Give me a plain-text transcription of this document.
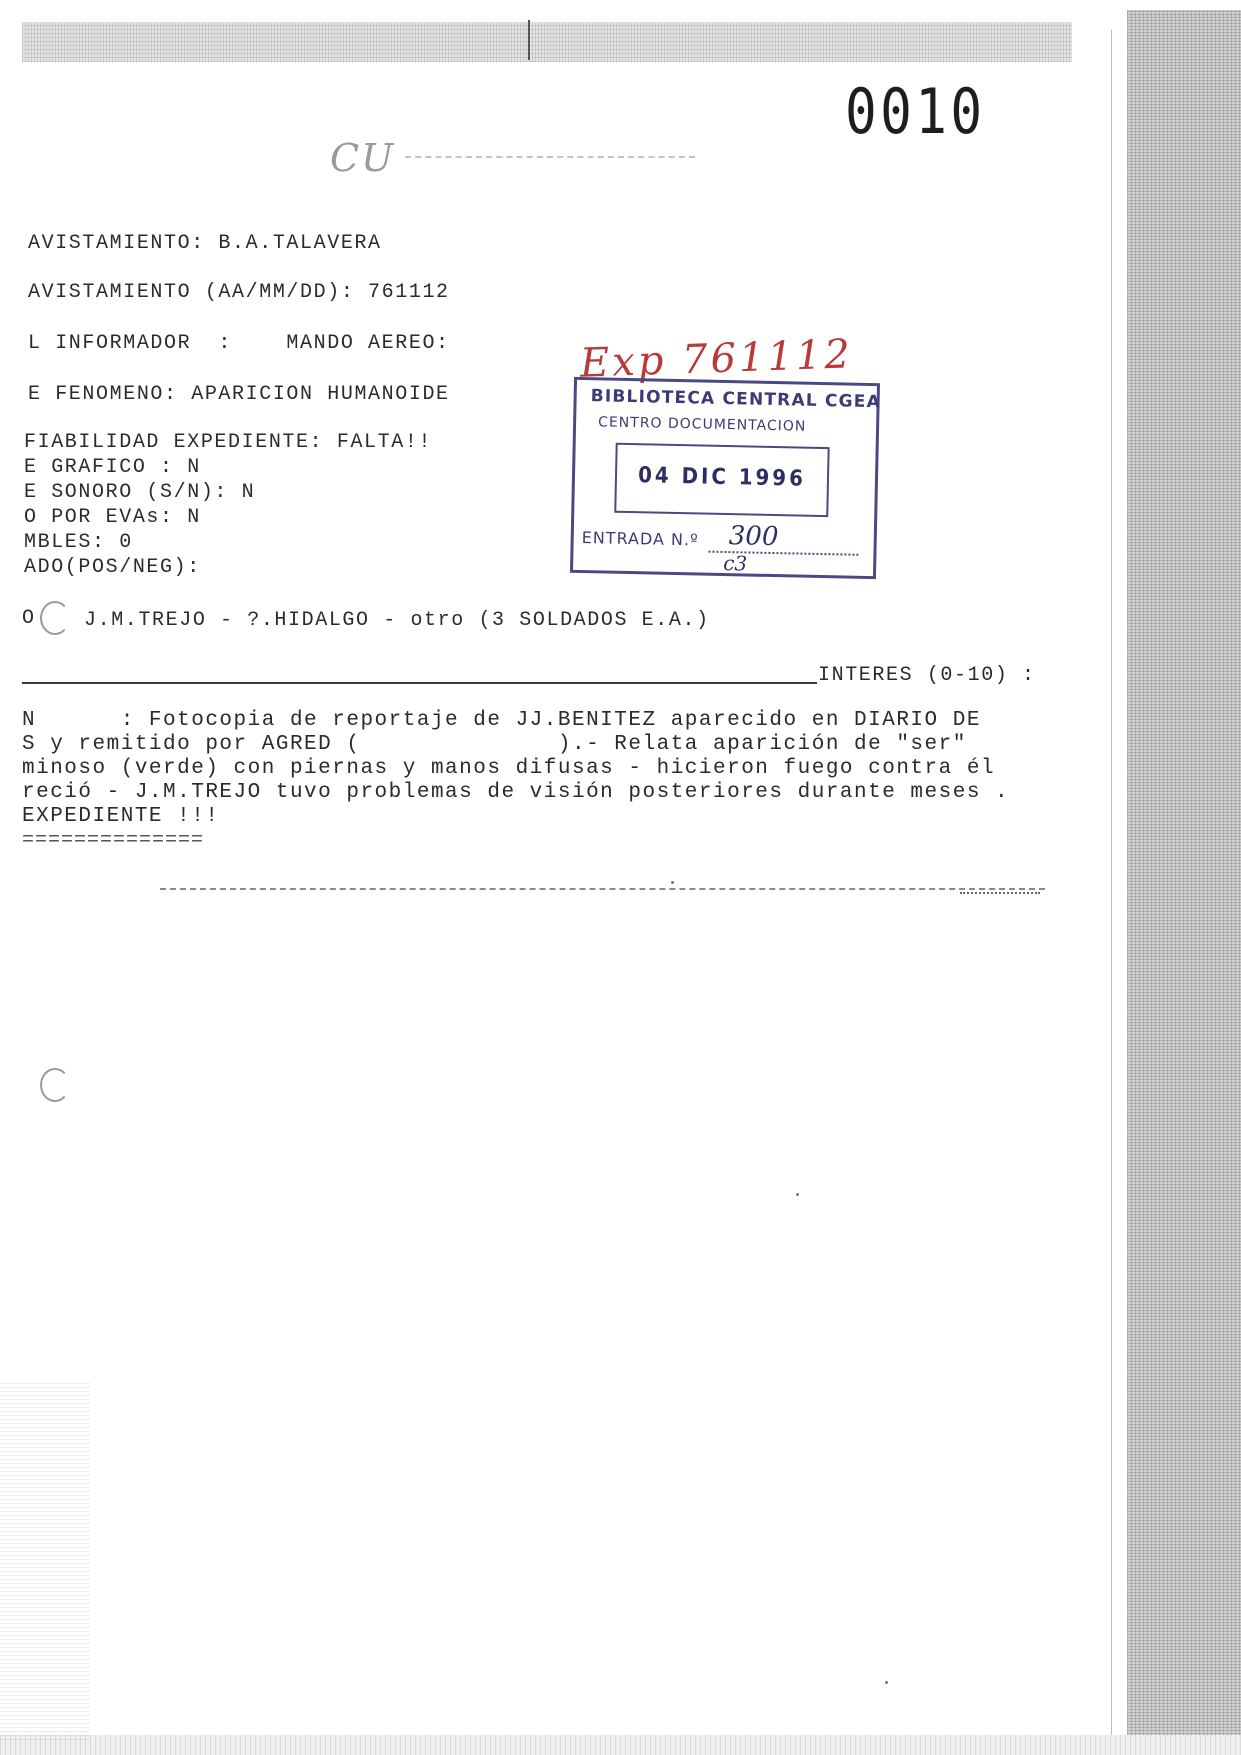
0010
CU
AVISTAMIENTO: B.A.TALAVERA
AVISTAMIENTO (AA/MM/DD): 761112
L INFORMADOR  :    MANDO AEREO:
E FENOMENO: APARICION HUMANOIDE
FIABILIDAD EXPEDIENTE: FALTA!!
E GRAFICO : N
E SONORO (S/N): N
O POR EVAs: N
MBLES: 0
ADO(POS/NEG):
O J.M.TREJO - ?.HIDALGO - otro (3 SOLDADOS E.A.)
INTERES (0-10) :
N      : Fotocopia de reportaje de JJ.BENITEZ aparecido en DIARIO DE
S y remitido por AGRED (              ).- Relata aparición de "ser"
minoso (verde) con piernas y manos difusas - hicieron fuego contra él
reció - J.M.TREJO tuvo problemas de visión posteriores durante meses .
EXPEDIENTE !!!
==============
Exp 761112
BIBLIOTECA CENTRAL CGEA
CENTRO DOCUMENTACION
04 DIC 1996
ENTRADA N.º 300
c3
